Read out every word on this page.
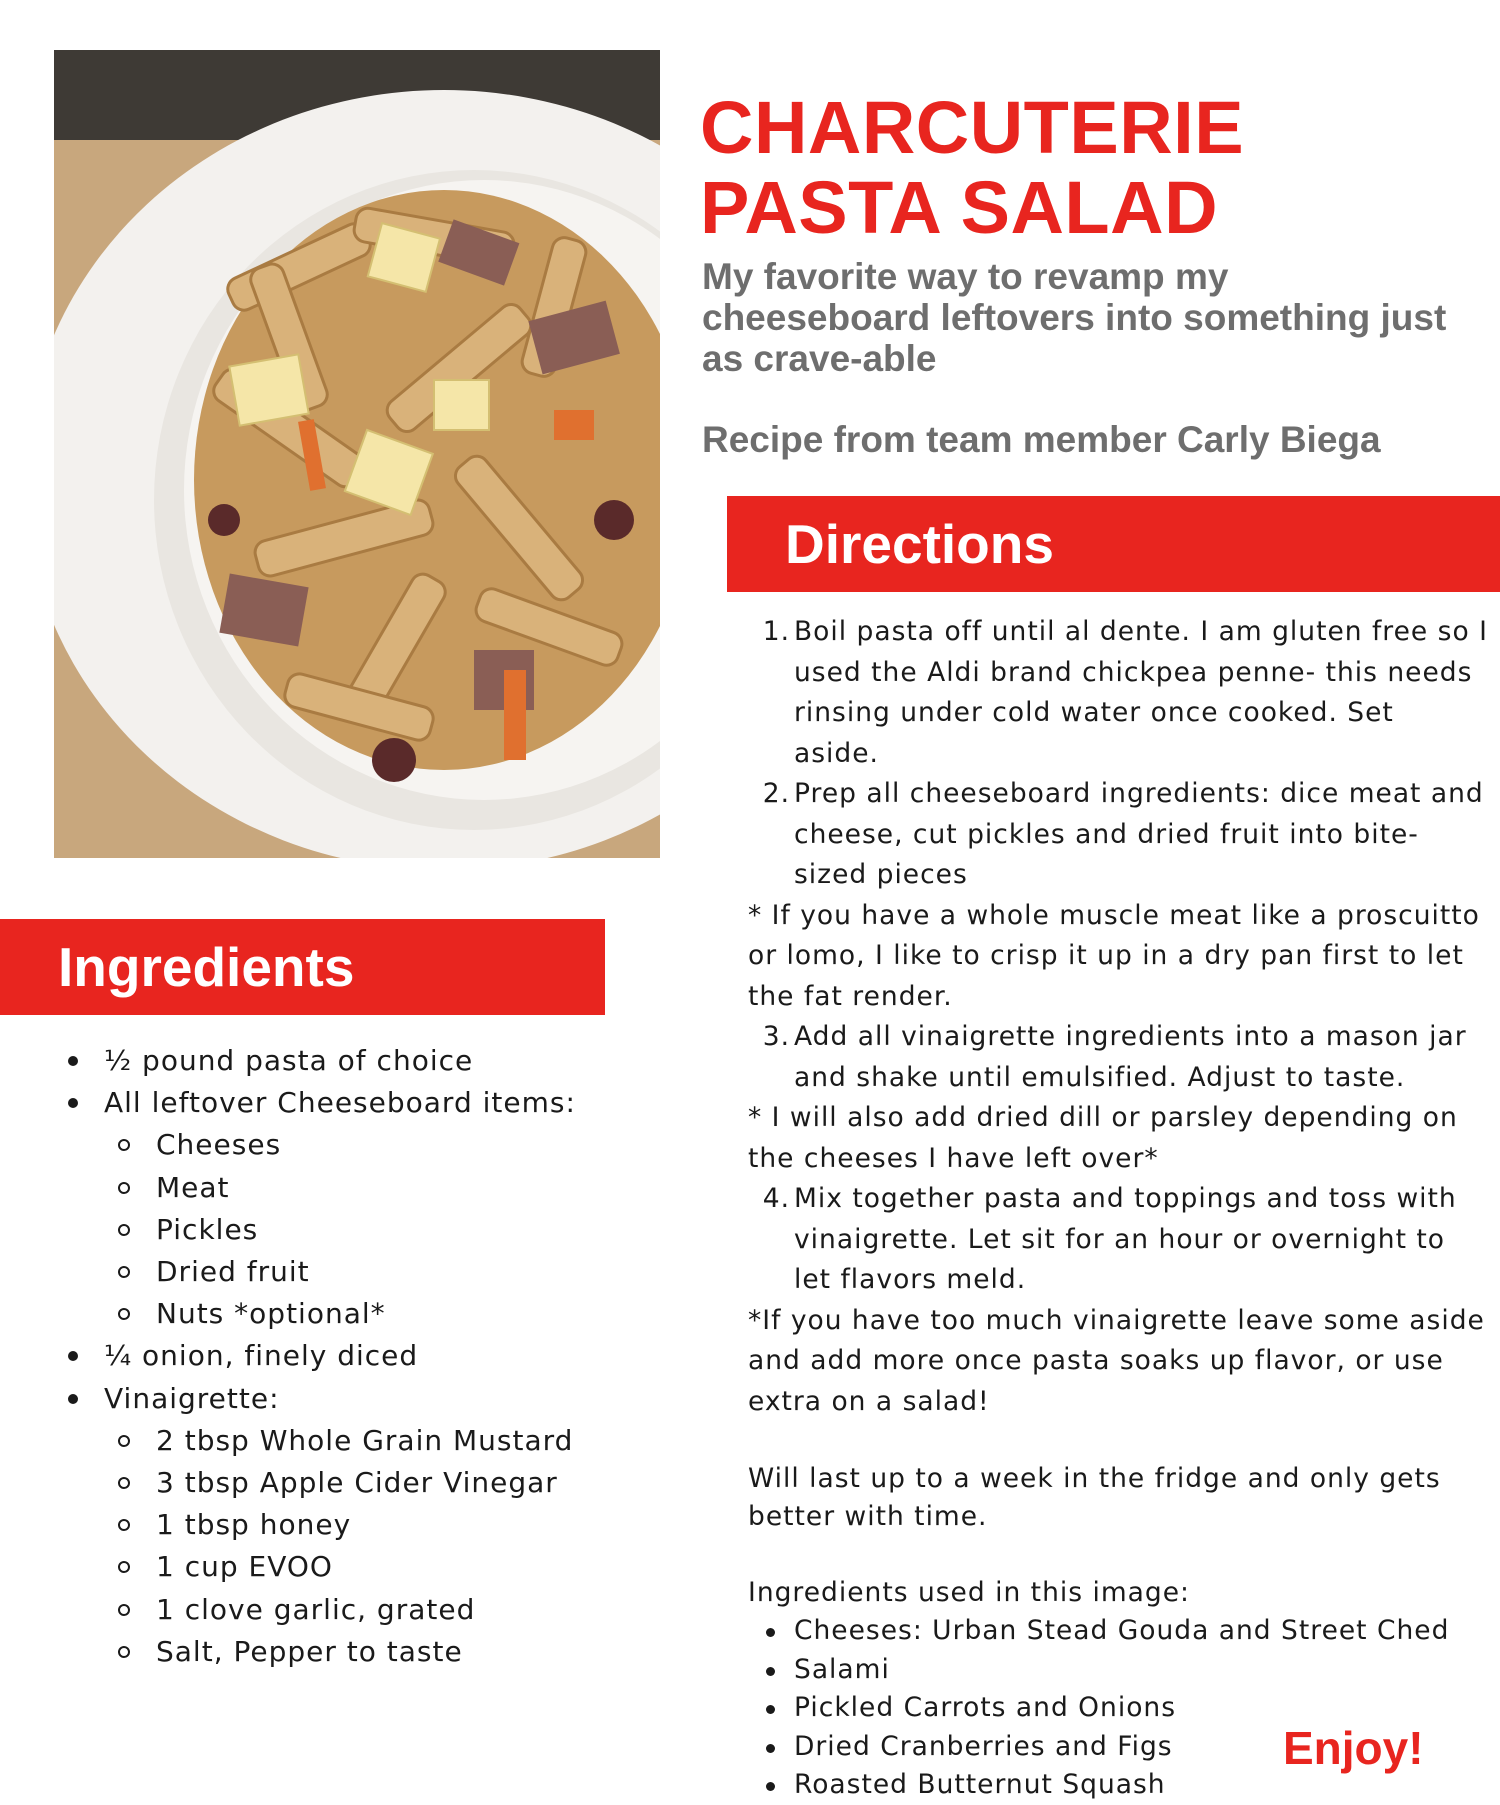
CHARCUTERIE
PASTA SALAD

My favorite way to revamp my cheeseboard leftovers into something just as crave-able

Recipe from team member Carly Biega

Directions
1. Boil pasta off until al dente. I am gluten free so I used the Aldi brand chickpea penne- this needs rinsing under cold water once cooked. Set aside.
2. Prep all cheeseboard ingredients: dice meat and cheese, cut pickles and dried fruit into bite-sized pieces
* If you have a whole muscle meat like a proscuitto or lomo, I like to crisp it up in a dry pan first to let the fat render.
3. Add all vinaigrette ingredients into a mason jar and shake until emulsified. Adjust to taste.
* I will also add dried dill or parsley depending on the cheeses I have left over*
4. Mix together pasta and toppings and toss with vinaigrette. Let sit for an hour or overnight to let flavors meld.
*If you have too much vinaigrette leave some aside and add more once pasta soaks up flavor, or use extra on a salad!
Will last up to a week in the fridge and only gets better with time.
Ingredients used in this image:
Cheeses: Urban Stead Gouda and Street Ched
Salami
Pickled Carrots and Onions
Dried Cranberries and Figs
Roasted Butternut Squash
Ingredients
½ pound pasta of choice
All leftover Cheeseboard items:
Cheeses
Meat
Pickles
Dried fruit
Nuts *optional*
¼ onion, finely diced
Vinaigrette:
2 tbsp Whole Grain Mustard
3 tbsp Apple Cider Vinegar
1 tbsp honey
1 cup EVOO
1 clove garlic, grated
Salt, Pepper to taste

Enjoy!
